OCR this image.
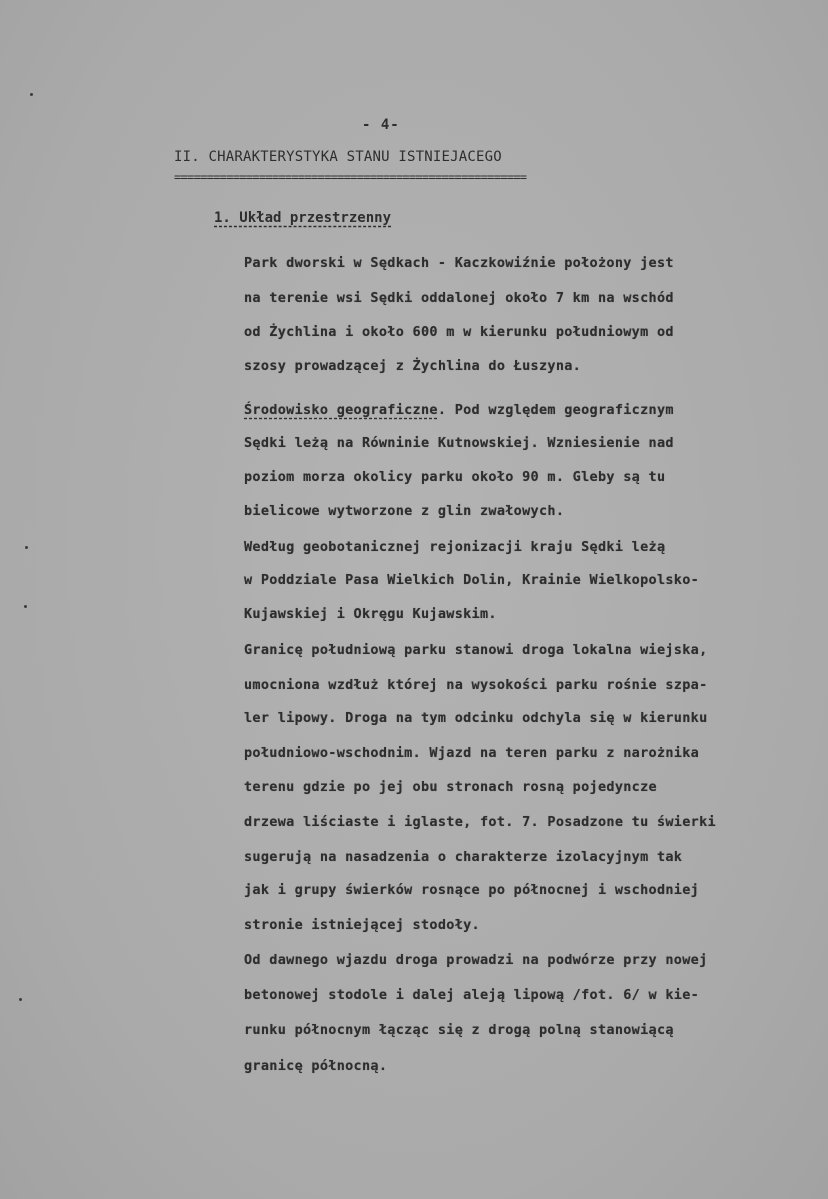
- 4-
II. CHARAKTERYSTYKA STANU ISTNIEJACEGO
======================================================
1. Układ przestrzenny
Park dworski w Sędkach - Kaczkowiźnie położony jest
na terenie wsi Sędki oddalonej około 7 km na wschód
od Żychlina i około 600 m w kierunku południowym od
szosy prowadzącej z Żychlina do Łuszyna.
Środowisko geograficzne. Pod względem geograficznym
Sędki leżą na Równinie Kutnowskiej. Wzniesienie nad
poziom morza okolicy parku około 90 m. Gleby są tu
bielicowe wytworzone z glin zwałowych.
Według geobotanicznej rejonizacji kraju Sędki leżą
w Poddziale Pasa Wielkich Dolin, Krainie Wielkopolsko-
Kujawskiej i Okręgu Kujawskim.
Granicę południową parku stanowi droga lokalna wiejska,
umocniona wzdłuż której na wysokości parku rośnie szpa-
ler lipowy. Droga na tym odcinku odchyla się w kierunku
południowo-wschodnim. Wjazd na teren parku z narożnika
terenu gdzie po jej obu stronach rosną pojedyncze
drzewa liściaste i iglaste, fot. 7. Posadzone tu świerki
sugerują na nasadzenia o charakterze izolacyjnym tak
jak i grupy świerków rosnące po północnej i wschodniej
stronie istniejącej stodoły.
Od dawnego wjazdu droga prowadzi na podwórze przy nowej
betonowej stodole i dalej aleją lipową /fot. 6/ w kie-
runku północnym łącząc się z drogą polną stanowiącą
granicę północną.
